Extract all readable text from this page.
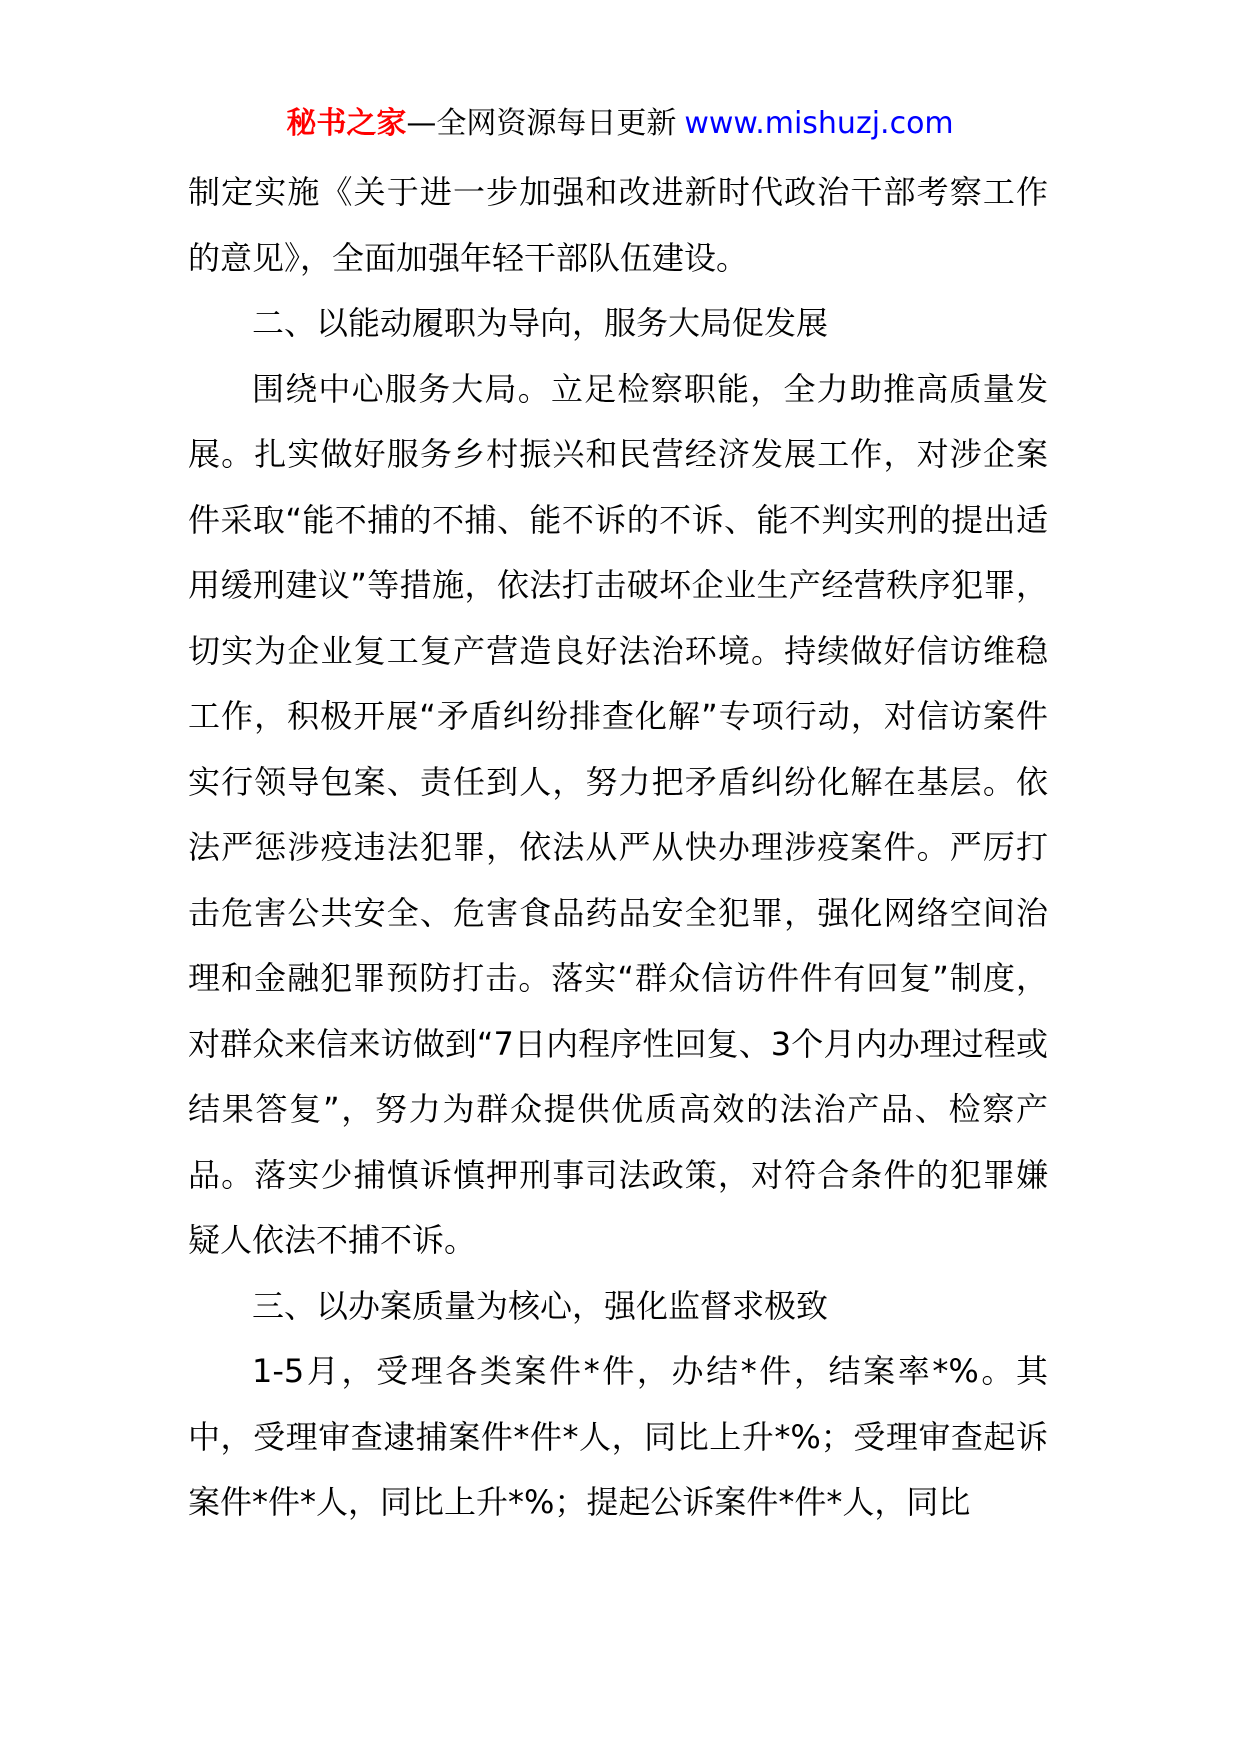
秘书之家—全网资源每日更新 www.mishuzj.com

制定实施《关于进一步加强和改进新时代政治干部考察工作的意见》，全面加强年轻干部队伍建设。

二、以能动履职为导向，服务大局促发展

围绕中心服务大局。立足检察职能，全力助推高质量发展。扎实做好服务乡村振兴和民营经济发展工作，对涉企案件采取“能不捕的不捕、能不诉的不诉、能不判实刑的提出适用缓刑建议”等措施，依法打击破坏企业生产经营秩序犯罪，切实为企业复工复产营造良好法治环境。持续做好信访维稳工作，积极开展“矛盾纠纷排查化解”专项行动，对信访案件实行领导包案、责任到人，努力把矛盾纠纷化解在基层。依法严惩涉疫违法犯罪，依法从严从快办理涉疫案件。严厉打击危害公共安全、危害食品药品安全犯罪，强化网络空间治理和金融犯罪预防打击。落实“群众信访件件有回复”制度，对群众来信来访做到“7日内程序性回复、3个月内办理过程或结果答复”，努力为群众提供优质高效的法治产品、检察产品。落实少捕慎诉慎押刑事司法政策，对符合条件的犯罪嫌疑人依法不捕不诉。

三、以办案质量为核心，强化监督求极致

1-5月，受理各类案件*件，办结*件，结案率*%。其中，受理审查逮捕案件*件*人，同比上升*%；受理审查起诉案件*件*人，同比上升*%；提起公诉案件*件*人，同比
